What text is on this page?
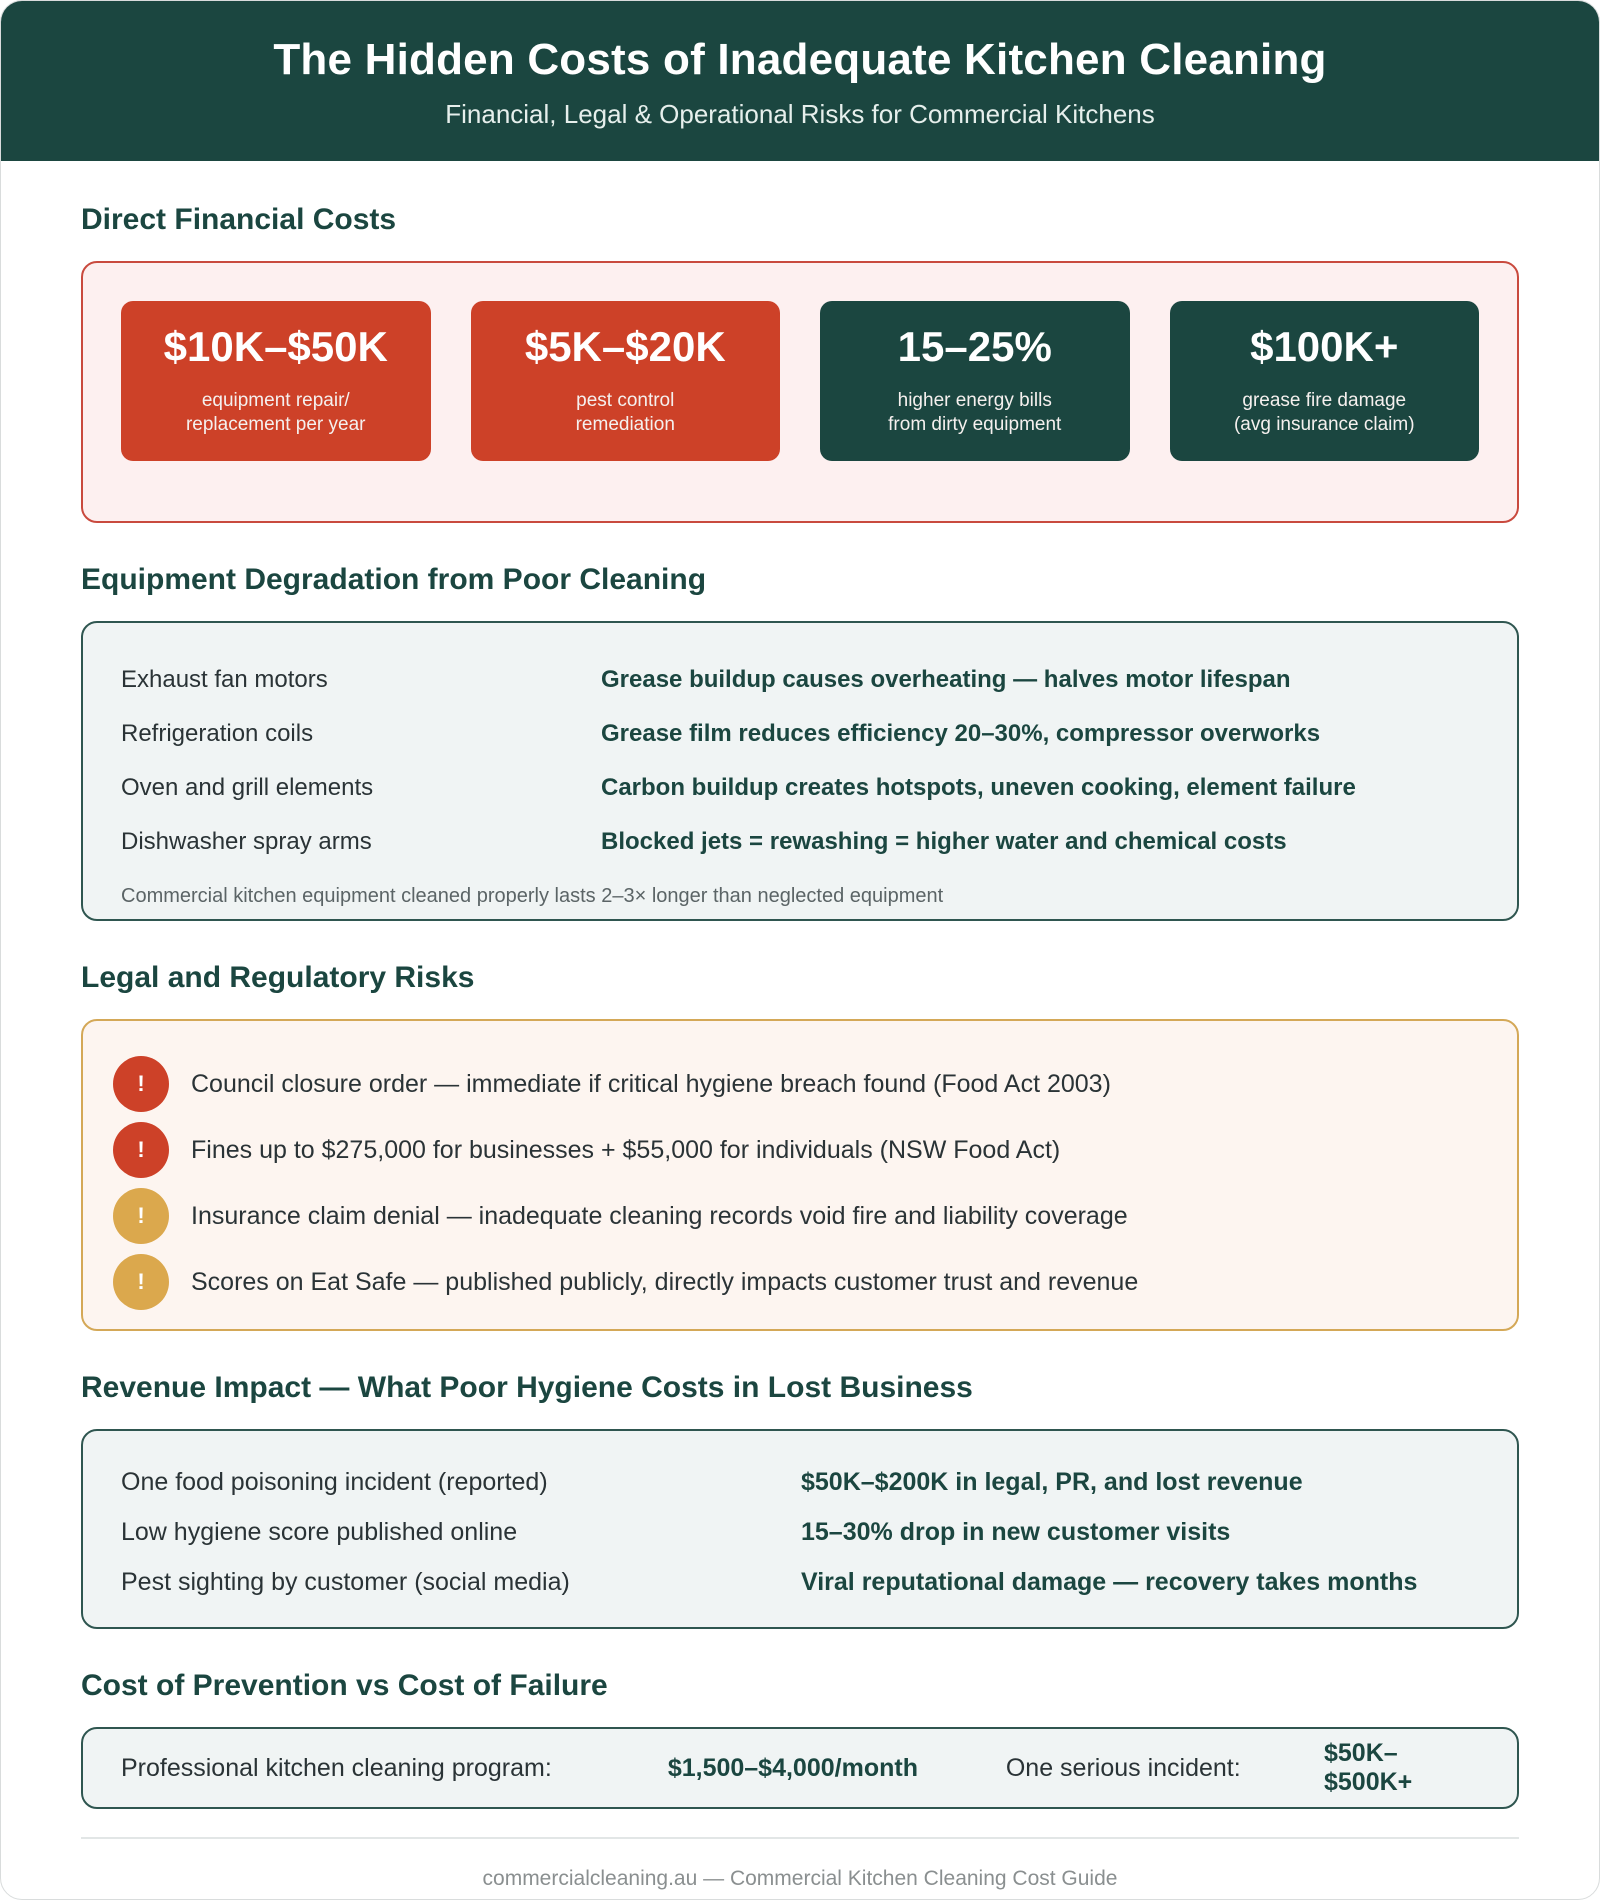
The Hidden Costs of Inadequate Kitchen Cleaning
Financial, Legal & Operational Risks for Commercial Kitchens
Direct Financial Costs
$10K–$50K
equipment repair/
replacement per year
$5K–$20K
pest control
remediation
15–25%
higher energy bills
from dirty equipment
$100K+
grease fire damage
(avg insurance claim)
Equipment Degradation from Poor Cleaning
Exhaust fan motors	Grease buildup causes overheating — halves motor lifespan
Refrigeration coils	Grease film reduces efficiency 20–30%, compressor overworks
Oven and grill elements	Carbon buildup creates hotspots, uneven cooking, element failure
Dishwasher spray arms	Blocked jets = rewashing = higher water and chemical costs
Commercial kitchen equipment cleaned properly lasts 2–3× longer than neglected equipment
Legal and Regulatory Risks
!	Council closure order — immediate if critical hygiene breach found (Food Act 2003)
!	Fines up to $275,000 for businesses + $55,000 for individuals (NSW Food Act)
!	Insurance claim denial — inadequate cleaning records void fire and liability coverage
!	Scores on Eat Safe — published publicly, directly impacts customer trust and revenue
Revenue Impact — What Poor Hygiene Costs in Lost Business
One food poisoning incident (reported)	$50K–$200K in legal, PR, and lost revenue
Low hygiene score published online	15–30% drop in new customer visits
Pest sighting by customer (social media)	Viral reputational damage — recovery takes months
Cost of Prevention vs Cost of Failure
Professional kitchen cleaning program:	$1,500–$4,000/month	One serious incident:
$50K–$500K+
commercialcleaning.au — Commercial Kitchen Cleaning Cost Guide
